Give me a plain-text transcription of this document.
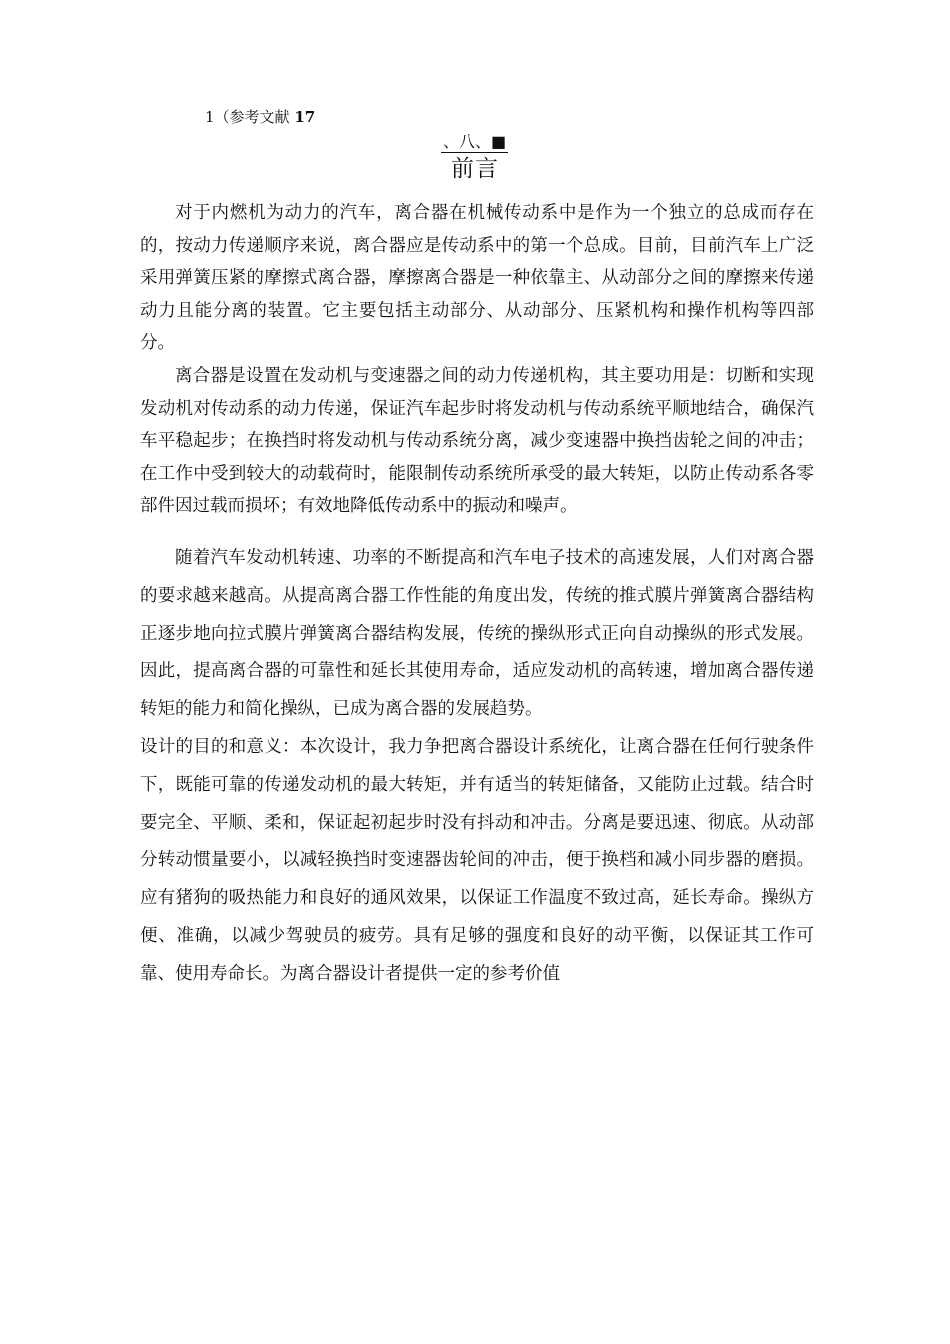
1（参考文献 17
、八、■
前言

对于内燃机为动力的汽车，离合器在机械传动系中是作为一个独立的总成而存在的，按动力传递顺序来说，离合器应是传动系中的第一个总成。目前，目前汽车上广泛采用弹簧压紧的摩擦式离合器，摩擦离合器是一种依靠主、从动部分之间的摩擦来传递动力且能分离的装置。它主要包括主动部分、从动部分、压紧机构和操作机构等四部分。

离合器是设置在发动机与变速器之间的动力传递机构，其主要功用是：切断和实现发动机对传动系的动力传递，保证汽车起步时将发动机与传动系统平顺地结合，确保汽车平稳起步；在换挡时将发动机与传动系统分离，减少变速器中换挡齿轮之间的冲击；在工作中受到较大的动载荷时，能限制传动系统所承受的最大转矩，以防止传动系各零部件因过载而损坏；有效地降低传动系中的振动和噪声。

随着汽车发动机转速、功率的不断提高和汽车电子技术的高速发展，人们对离合器的要求越来越高。从提高离合器工作性能的角度出发，传统的推式膜片弹簧离合器结构正逐步地向拉式膜片弹簧离合器结构发展，传统的操纵形式正向自动操纵的形式发展。因此，提高离合器的可靠性和延长其使用寿命，适应发动机的高转速，增加离合器传递转矩的能力和简化操纵，已成为离合器的发展趋势。

设计的目的和意义：本次设计，我力争把离合器设计系统化，让离合器在任何行驶条件下，既能可靠的传递发动机的最大转矩，并有适当的转矩储备，又能防止过载。结合时要完全、平顺、柔和，保证起初起步时没有抖动和冲击。分离是要迅速、彻底。从动部分转动惯量要小，以减轻换挡时变速器齿轮间的冲击，便于换档和减小同步器的磨损。应有猪狗的吸热能力和良好的通风效果，以保证工作温度不致过高，延长寿命。操纵方便、准确，以减少驾驶员的疲劳。具有足够的强度和良好的动平衡，以保证其工作可靠、使用寿命长。为离合器设计者提供一定的参考价值
